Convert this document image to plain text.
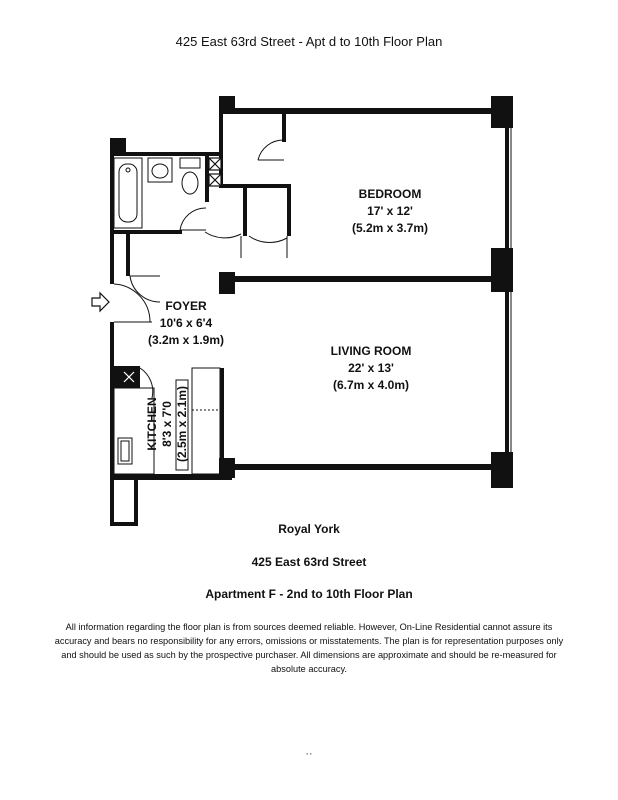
425 East 63rd Street - Apt d to 10th Floor Plan
BEDROOM
17' x 12'
(5.2m x 3.7m)
FOYER
10'6 x 6'4
(3.2m x 1.9m)
LIVING ROOM
22' x 13'
(6.7m x 4.0m)
KITCHEN 8'3 x 7'0 (2.5m x 2.1m)
Royal York
425 East 63rd Street
Apartment F - 2nd to 10th Floor Plan
All information regarding the floor plan is from sources deemed reliable. However, On-Line Residential cannot assure its accuracy and bears no responsibility for any errors, omissions or misstatements. The plan is for representation purposes only and should be used as such by the prospective purchaser. All dimensions are approximate and should be re-measured for absolute accuracy.
' '
